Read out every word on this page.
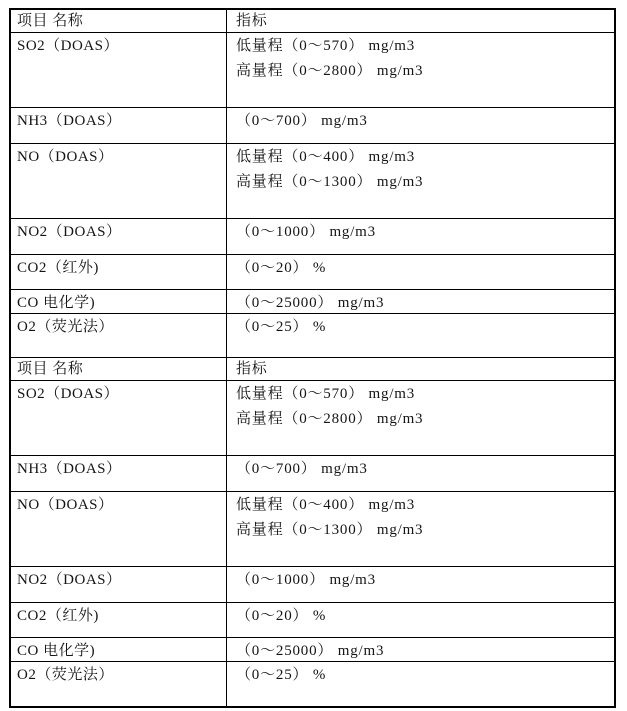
项目 名称	指标
SO2（DOAS）	低量程（0～570） mg/m3
高量程（0～2800） mg/m3
NH3（DOAS）	（0～700） mg/m3
NO（DOAS）	低量程（0～400） mg/m3
高量程（0～1300） mg/m3
NO2（DOAS）	（0～1000） mg/m3
CO2（红外)	（0～20） %
CO 电化学)	（0～25000） mg/m3
O2（荧光法）	（0～25） %
项目 名称	指标
SO2（DOAS）	低量程（0～570） mg/m3
高量程（0～2800） mg/m3
NH3（DOAS）	（0～700） mg/m3
NO（DOAS）	低量程（0～400） mg/m3
高量程（0～1300） mg/m3
NO2（DOAS）	（0～1000） mg/m3
CO2（红外)	（0～20） %
CO 电化学)	（0～25000） mg/m3
O2（荧光法）	（0～25） %
